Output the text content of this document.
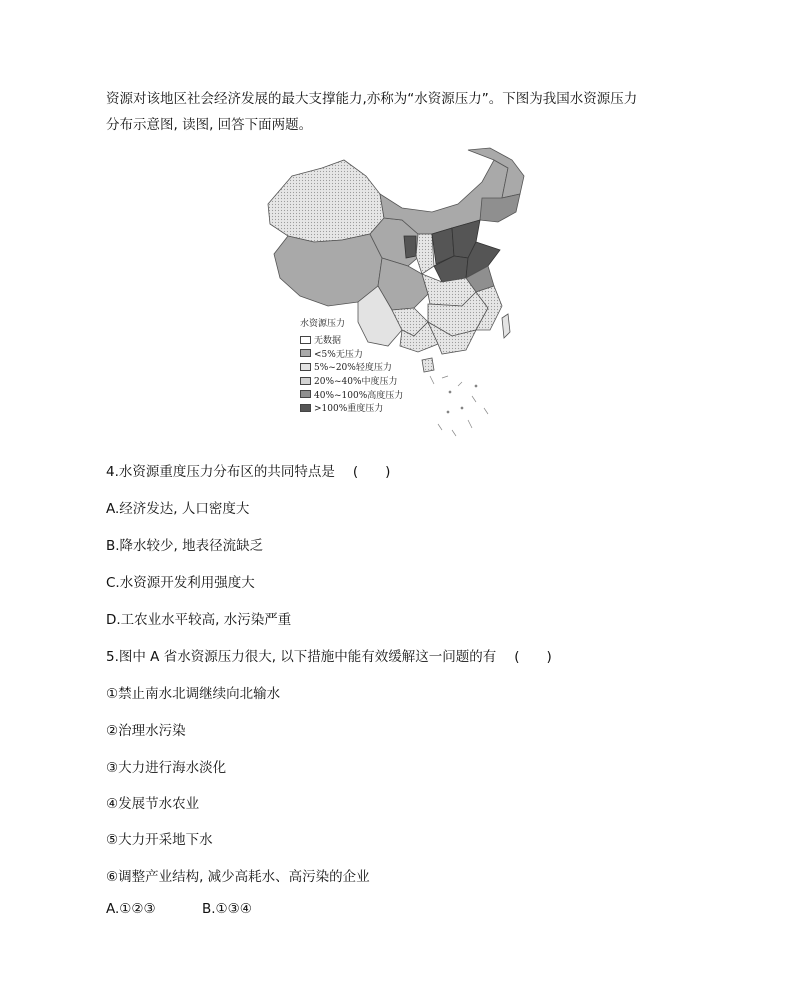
资源对该地区社会经济发展的最大支撑能力,亦称为“水资源压力”。下图为我国水资源压力

分布示意图, 读图, 回答下面两题。

水资源压力
无数据
<5%无压力
5%~20%轻度压力
20%~40%中度压力
40%~100%高度压力
>100%重度压力
4.水资源重度压力分布区的共同特点是 (　　)
A.经济发达, 人口密度大
B.降水较少, 地表径流缺乏
C.水资源开发利用强度大
D.工农业水平较高, 水污染严重
5.图中 A 省水资源压力很大, 以下措施中能有效缓解这一问题的有 (　　)
①禁止南水北调继续向北输水
②治理水污染
③大力进行海水淡化
④发展节水农业
⑤大力开采地下水
⑥调整产业结构, 减少高耗水、高污染的企业
A.①②③	B.①③④
